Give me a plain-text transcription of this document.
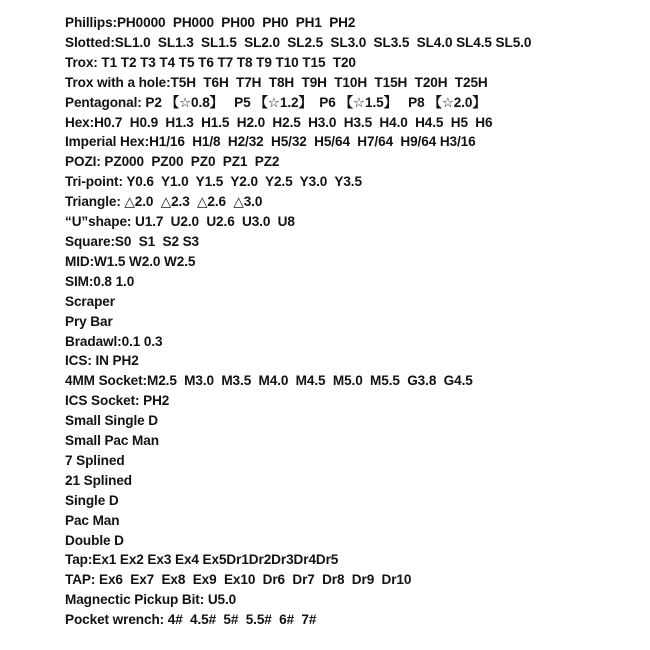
Phillips:PH0000  PH000  PH00  PH0  PH1  PH2
Slotted:SL1.0  SL1.3  SL1.5  SL2.0  SL2.5  SL3.0  SL3.5  SL4.0 SL4.5 SL5.0
Trox: T1 T2 T3 T4 T5 T6 T7 T8 T9 T10 T15  T20
Trox with a hole:T5H  T6H  T7H  T8H  T9H  T10H  T15H  T20H  T25H
Pentagonal: P2 【☆0.8】   P5 【☆1.2】  P6 【☆1.5】   P8 【☆2.0】
Hex:H0.7  H0.9  H1.3  H1.5  H2.0  H2.5  H3.0  H3.5  H4.0  H4.5  H5  H6
Imperial Hex:H1/16  H1/8  H2/32  H5/32  H5/64  H7/64  H9/64 H3/16
POZI: PZ000  PZ00  PZ0  PZ1  PZ2
Tri-point: Y0.6  Y1.0  Y1.5  Y2.0  Y2.5  Y3.0  Y3.5
Triangle: △2.0  △2.3  △2.6  △3.0
“U”shape: U1.7  U2.0  U2.6  U3.0  U8
Square:S0  S1  S2 S3
MID:W1.5 W2.0 W2.5
SIM:0.8 1.0
Scraper
Pry Bar
Bradawl:0.1 0.3
ICS: IN PH2
4MM Socket:M2.5  M3.0  M3.5  M4.0  M4.5  M5.0  M5.5  G3.8  G4.5
ICS Socket: PH2
Small Single D
Small Pac Man
7 Splined
21 Splined
Single D
Pac Man
Double D
Tap:Ex1 Ex2 Ex3 Ex4 Ex5Dr1Dr2Dr3Dr4Dr5
TAP: Ex6  Ex7  Ex8  Ex9  Ex10  Dr6  Dr7  Dr8  Dr9  Dr10
Magnectic Pickup Bit: U5.0
Pocket wrench: 4#  4.5#  5#  5.5#  6#  7#
